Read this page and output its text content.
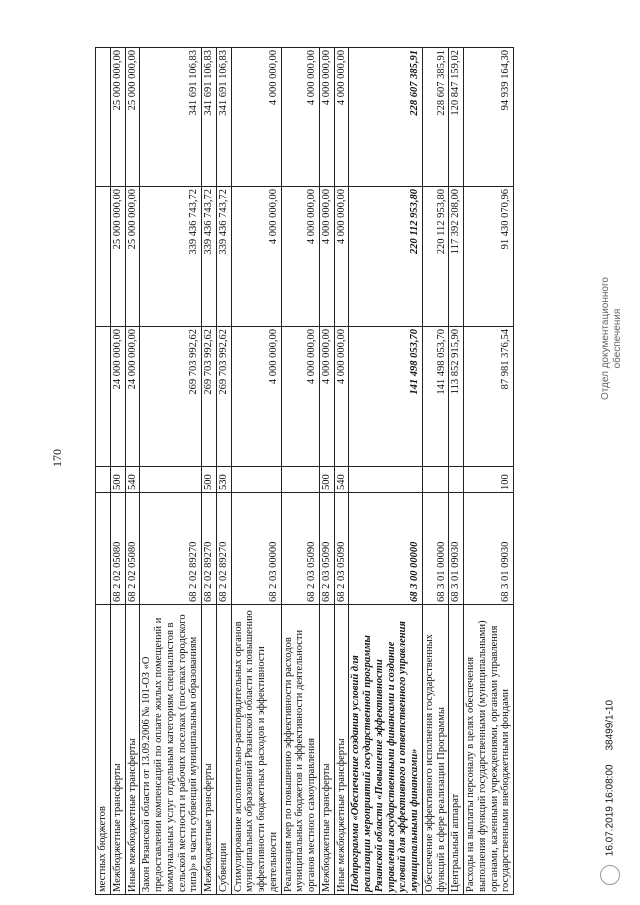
170
местных бюджетов					
Межбюджетные трансферты	68 2 02 05080	500	24 000 000,00	25 000 000,00	25 000 000,00
Иные межбюджетные трансферты	68 2 02 05080	540	24 000 000,00	25 000 000,00	25 000 000,00
Закон Рязанской области от 13.09.2006 № 101-ОЗ «О предоставлении компенсаций по оплате жилых помещений и коммунальных услуг отдельным категориям специалистов в сельской местности и рабочих поселках (поселках городского типа)» в части субвенций муниципальным образованиям	68 2 02 89270		269 703 992,62	339 436 743,72	341 691 106,83
Межбюджетные трансферты	68 2 02 89270	500	269 703 992,62	339 436 743,72	341 691 106,83
Субвенции	68 2 02 89270	530	269 703 992,62	339 436 743,72	341 691 106,83
Стимулирование исполнительно-распорядительных органов муниципальных образований Рязанской области к повышению эффективности бюджетных расходов и эффективности деятельности	68 2 03 00000		4 000 000,00	4 000 000,00	4 000 000,00
Реализация мер по повышению эффективности расходов муниципальных бюджетов и эффективности деятельности органов местного самоуправления	68 2 03 05090		4 000 000,00	4 000 000,00	4 000 000,00
Межбюджетные трансферты	68 2 03 05090	500	4 000 000,00	4 000 000,00	4 000 000,00
Иные межбюджетные трансферты	68 2 03 05090	540	4 000 000,00	4 000 000,00	4 000 000,00
Подпрограмма «Обеспечение создания условий для реализации мероприятий государственной программы Рязанской области «Повышение эффективности управления государственными финансами и создание условий для эффективного и ответственного управления муниципальными финансами»	68 3 00 00000		141 498 053,70	220 112 953,80	228 607 385,91
Обеспечение эффективного исполнения государственных функций в сфере реализации Программы	68 3 01 00000		141 498 053,70	220 112 953,80	228 607 385,91
Центральный аппарат	68 3 01 09030		113 852 915,90	117 392 208,00	120 847 159,02
Расходы на выплаты персоналу в целях обеспечения выполнения функций государственными (муниципальными) органами, казенными учреждениями, органами управления государственными внебюджетными фондами	68 3 01 09030	100	87 981 376,54	91 430 070,96	94 939 164,30
16.07.2019 16:08:00     38499/1-10
Отдел документационного обеспечения
